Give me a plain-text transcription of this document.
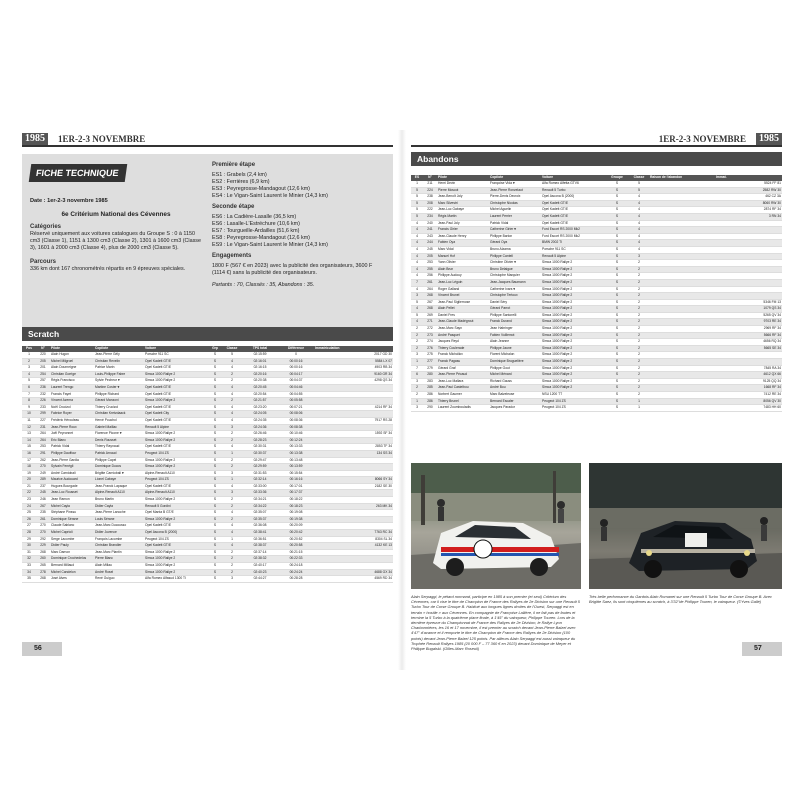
1985	1ER-2-3 NOVEMBRE
FICHE TECHNIQUE
Date : 1er-2-3 novembre 1985
6e Critérium National des Cévennes
Catégories
Réservé uniquement aux voitures catalogues du Groupe S : 0 à 1150 cm3 (Classe 1), 1151 à 1300 cm3 (Classe 2), 1301 à 1600 cm3 (Classe 3), 1601 à 2000 cm3 (Classe 4), plus de 2000 cm3 (Classe 5).
Parcours
336 km dont 167 chronométrés répartis en 9 épreuves spéciales.
Première étape
ES1 : Grabels (2,4 km)
ES2 : Ferrières (6,9 km)
ES3 : Peyregrosse-Mandagout (12,6 km)
ES4 : Le Vigan-Saint Laurent le Minier (14,3 km)
Seconde étape
ES6 : La Cadière-Lasalle (36,5 km)
ES6 : Lasalle-L'Estréchure (10,6 km)
ES7 : Tourgueille-Ardailles (51,6 km)
ES8 : Peyregrosse-Mandagout (12,6 km)
ES9 : Le Vigan-Saint Laurent le Minier (14,3 km)
Engagements
1800 F (567 € en 2023) avec la publicité des organisateurs, 3600 F (1114 €) sans la publicité des organisateurs.
Partants : 70, Classés : 35, Abandons : 35.
Scratch
Pos	N°	Pilote	Copilote	Voiture	Grp	Classe	TPS total	Différence	Immatriculation
1	220	Alain Hugon	Jean-Pierre Gély	Porsche 911 SC	S	5	02:15:59	0	2017 GD 30
2	205	Michel Milgroel	Christian Revelin	Opel Kadett GT/E	S	4	02:16:01	00:00:16	5584 LX 07
3	201	Alain Dourneigne	Patrice Marin	Opel Kadett GT/E	S	4	02:16:15	00:00:16	4903 RB 34
4	254	Christian Gorrige	Louis-Philippe Fabre	Simca 1000 Rallye 2	S	2	02:20:16	00:04:17	9160 GR 34
5	257	Régis Francisco	Sylvie Pecheur ♥	Simca 1000 Rallye 2	S	2	02:20:38	00:04:37	4298 QS 34
6	236	Laurent Trengo	Martine Coster ♥	Opel Kadett GT/E	S	4	02:20:45	00:04:46	
7	232	Francis Fayet	Philippe Richard	Opel Kadett GT/E	S	4	02:20:54	00:04:55	
8	226	Vincent Azema	Gérard Manzoni	Simca 1000 Rallye 2	S	2	02:21:57	00:05:58	
9	233	Noël Crucizol	Thierry Crucizol	Opel Kadett GT/E	S	4	02:23:20	00:07:21	4214 RF 34
10	299	Fabrice Royer	Christian Kretzdaack	Opel Kadett City	S	4	02:24:05	00:08:06	
11	227	Frédéric Hérouleau	Hervé Pouchol	Opel Kadett GT/E	S	4	02:24:35	00:08:36	7917 RS 28
12	231	Jean-Pierre Roux	Gabriel Maillac	Renault 5 Alpine	S	3	02:24:36	00:08:38	
13	264	Joël Peyronnet	Florence Picone ♥	Simca 1000 Rallye 2	S	2	02:26:46	00:10:46	1592 SF 34
14	264	Eric Blanc	Denis Rousset	Simca 1000 Rallye 2	S	2	02:28:23	00:12:24	
15	253	Patrick Vidal	Thierry Raynaud	Opel Kadett GT/E	S	4	02:30:31	00:13:33	2853 TF 34
16	291	Philippe Dauffour	Patrick Arnaud	Peugeot 104 ZS	S	1	02:30:37	00:13:38	134 SS 34
17	262	Jean-Pierre Gardia	Philippe Capel	Simca 1000 Rallye 2	S	2	02:29:47	00:13:48	
18	270	Sylvain Fenégli	Dominique Ducos	Simca 1000 Rallye 2	S	2	02:29:59	00:13:59	
19	249	André Carniobali	Brigitte Carniobali ♥	Alpine-Renault A110	S	3	02:31:53	00:15:54	
20	289	Maurice Audouard	Lionel Cabaye	Peugeot 104 ZS	S	1	02:32:14	00:16:16	8066 SY 34
21	237	Hugues Bourgade	Jean-Franck Lapaque	Opel Kadett GT/E	S	4	02:33:00	00:17:01	2182 SE 30
22	245	Jean-Luc Rousset	Alpine-Renault A110	Alpine-Renault A110	S	3	02:33:36	00:17:37	
23	246	Jean Ramon	Bruno Martin	Simca 1000 Rallye 2	S	2	02:34:21	00:18:22	
24	267	Michel Cayla	Didier Cayla	Renault 5 Gordini	S	2	02:34:22	00:18:23	263 MK 34
25	235	Stéphane Pinssu	Jean-Pierre Lanoche	Opel Manta B GT/E	S	4	02:35:07	00:19:08	
26	261	Dominique Sérane	Louis Sérane	Simca 1000 Rallye 2	S	2	02:35:37	00:19:38	
27	270	Claude Sablanc	Jean-Marc Ducousso	Opel Kadett GT/E	S	4	02:36:08	00:20:09	
28	270	Michel Caprioli	Didier Juvence	Opel Ascona B (2000)	S	4	02:38:41	00:20:42	7763 RC 34
29	292	Serge Lacombe	François Lacombe	Peugeot 104 ZS	S	1	02:36:51	00:20:52	8304 SL 34
30	229	Didier Pauly	Christian Brandler	Opel Kadett GT/E	S	4	02:38:37	00:20:58	4132 KE 13
31	268	Marc Darnon	Jean-Marc Plantin	Simca 1000 Rallye 2	S	2	02:37:14	00:21:15	
32	260	Dominique Crochedelos	Pierre Blanc	Simca 1000 Rallye 2	S	2	02:38:32	00:22:33	
33	265	Bernard Millaud	Alain Millau	Simca 1000 Rallye 2	S	2	02:40:17	00:24:18	
34	278	Michel Candelon	André Rosel	Simca 1000 Rallye 2	S	2	02:40:23	00:24:24	4688 GX 34
35	268	José Alves	René Guiguo	Alfa Romeo Alfasud 1300 TI	S	3	02:44:27	00:28:28	4569 RD 34
56
1ER-2-3 NOVEMBRE	1985
Abandons
ES	N°	Pilote	Copilote	Voiture	Groupe	Classe	Raison de l'abandon	Immat.
1	211	Henri Devin	Françoise Vida ♥	Alfa Romeo Alfetta GTV6	S	5		5524 FF 81
5	224	Pierre Moscot	Jean-Pierre Ronzelaut	Renault 5 Turbo	S	5		2582 RW 30
5	238	Jean-Benoît Joly	Pierre-Denis Decroix	Opel Ascona B (2000)	S	4		462 CZ 3A
5	208	Marc Silvestri	Christophe Nicolas	Opel Kadett GT/E	S	4		8060 RW 30
5	222	Jean-Luc Gabaye	Michel Aguelin	Opel Kadett GT/E	S	4		2874 RF 34
5	234	Régis Martin	Laurent Perrier	Opel Kadett GT/E	S	4		3 RN 34
4	240	Jean-Paul Joly	Patrick Vidal	Opel Kadett GT/E	S	4		
4	241	Francis Girier	Catherine Girier ♥	Ford Escort RS 2000 Mk2	S	4		
4	243	Jean-Claude Henry	Philippe Barlon	Ford Escort RS 2000 Mk2	S	4		
4	244	Fabien Oya	Gérard Oya	BMW 2002 TI	S	4		
4	245	Marc Vidal	Bruno Alzama	Porsche 911 SC	S	4		
4	205	Manuel Hof	Philippe Cantell	Renault 5 Alpine	S	3		
4	253	Yann Olivier	Christine Olivier ♥	Simca 1000 Rallye 2	S	2		
4	255	Alain Brun	Bruno Delaigue	Simca 1000 Rallye 2	S	2		
4	256	Philippe Audouy	Christophe Marquier	Simca 1000 Rallye 2	S	2		
7	261	Jean-Luc Léguin	Jean-Jacques Baumann	Simca 1000 Rallye 2	S	2		
4	264	Roger Galland	Catherine Ivars ♥	Simca 1000 Rallye 2	S	2		
3	268	Vincent Brunel	Christophe Tertoux	Simca 1000 Rallye 2	S	2		
5	267	Jean-Paul Sigliernose	Daniel Sèry	Simca 1000 Rallye 2	S	2		5346 FM 13
4	268	Alain Pellet	Gérard Parrot	Simca 1000 Rallye 2	S	2		1079 QS 34
5	269	Daniel Fres	Philippe Santorelli	Simca 1000 Rallye 2	S	2		5265 QV 34
4	271	Jean-Claude Madégrout	Franck Durand	Simca 1000 Rallye 2	S	2		9703 RE 34
2	272	Jean-Marc Sayn	Jean Habringer	Simca 1000 Rallye 2	S	2		2969 RF 34
2	273	André Pasquet	Fabien Vuillemot	Simca 1000 Rallye 2	S	2		5666 RF 34
2	274	Jacques Reyd	Alain Jeanne	Simca 1000 Rallye 2	S	2		4656 RQ 34
2	276	Thierry Coulerade	Philippe Jaune	Simca 1000 Rallye 2	S	2		5665 SE 34
3	275	Franck Michaïlov	Florent Michalon	Simca 1000 Rallye 2	S	2		
1	277	Franck Pagasu	Dominique Bruguelière	Simca 1000 Rallye 2	S	2		
7	279	Gérard Graf	Philippe Gout	Simca 1000 Rallye 2	S	2		7845 RA 34
6	280	Jean-Pierre Pécaud	Michel Ménard	Simca 1000 Rallye 2	S	2		4612 QX 66
3	283	Jean-Luc Mallara	Richard Gauss	Simca 1000 Rallye 2	S	2		9125 QQ 34
2	285	Jean-Paul Castelbou	André Bou	Simca 1000 Rallye 2	S	2		1668 RF 34
2	286	Norbert Gaumer	Marc Balzeleuse	NSU 1200 TT	S	2		7412 RE 34
1	286	Thierry Brunel	Bernard Escaler	Peugeot 104 ZS	S	1		8056 QV 30
3	290	Laurent Zoumbouladis	Jacques Parador	Peugeot 104 ZS	S	1		7483 HH 60
Alain Serpaggi, le pétard normand, participe en 1985 à son premier (et seul) Critérium des Cévennes, car il vise le titre de Champion de France des Rallyes de 2e Division sur une Renault 5 Turbo Tour de Corse Groupe B. Habitué aux longues lignes droites de l'Ouest, Serpaggi est en terrain « hostile » aux Cévennes. En compagnie de Françoise Lallière, il ne fait pas de fautes et termine la 5 Turbo à la quatrième place finale, à 1'45'' du vainqueur, Philippe Touren. Lors de la dernière épreuve du Championnat de France des Rallyes de 2e Division, le Rallye Lyon Charbonnières, les 16 et 17 novembre, il est premier au scratch devant Jean-Pierre Balzel avec 4'47'' d'avance et il remporte le titre de Champion de France des Rallyes de 2e Division (100 points) devant Jean-Pierre Balzel 125 points. Par ailleurs Alain Serpaggi est aussi vainqueur du Trophée Renault Rallyes 1985 (20 000 F – 77 360 € en 2023) devant Dominique de Meyer et Philippe Bugalski. (Gilles-Marc Roseuil)
Très belle performance du Gardois Alain Romanet sur une Renault 5 Turbo Tour de Corse Groupe B. Avec Brigitte Saez, ils sont cinquièmes au scratch, à 3'32''de Philippe Touren, le vainqueur. (©Yves Gallé)
57
